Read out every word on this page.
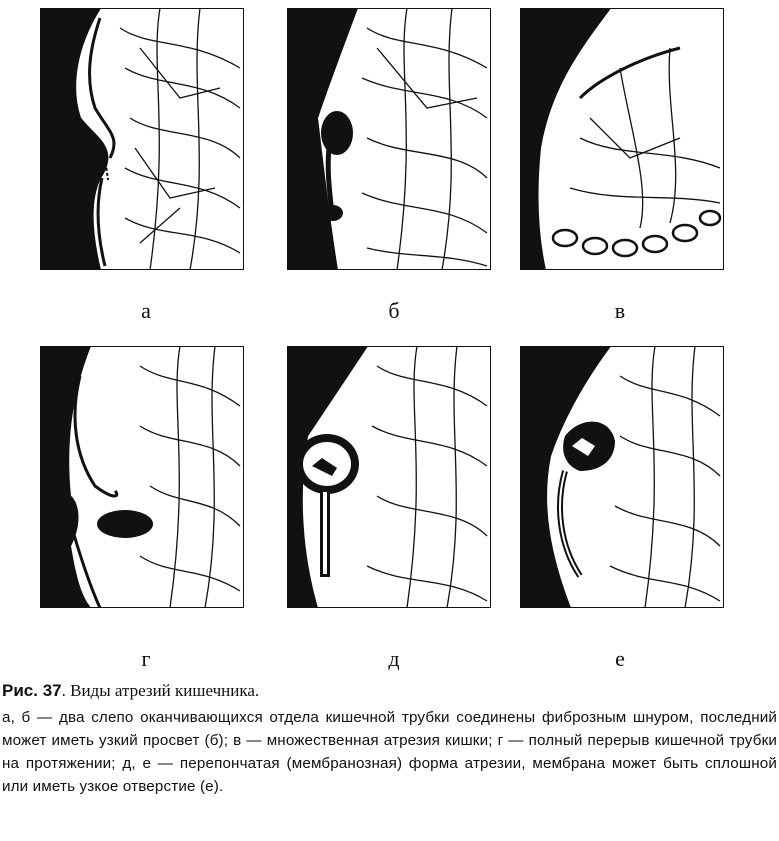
а	б	в
г	д	е

Рис. 37. Виды атрезий кишечника.

а, б — два слепо оканчивающихся отдела кишечной трубки соединены фиброзным шнуром, последний может иметь узкий просвет (б); в — множественная атрезия кишки; г — полный перерыв кишечной трубки на протяжении; д, е — перепончатая (мембранозная) форма атрезии, мембрана может быть сплошной или иметь узкое отверстие (е).
